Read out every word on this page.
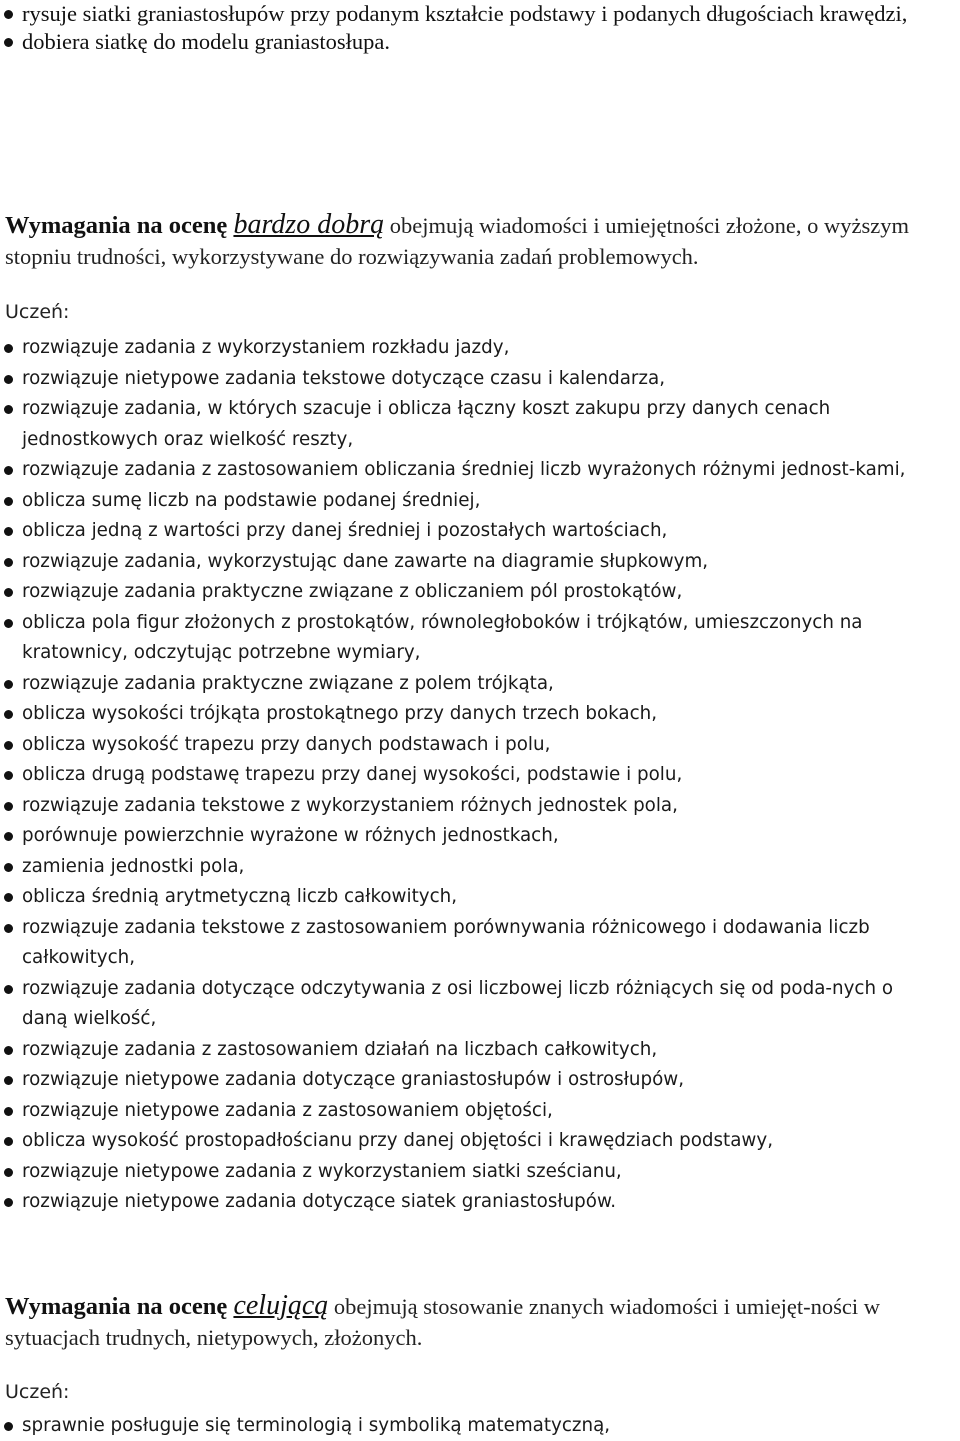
rysuje siatki graniastosłupów przy podanym kształcie podstawy i podanych długościach krawędzi,
dobiera siatkę do modelu graniastosłupa.

Wymagania na ocenę bardzo dobrą obejmują wiadomości i umiejętności złożone, o wyższym stopniu trudności, wykorzystywane do rozwiązywania zadań problemowych.

Uczeń:
rozwiązuje zadania z wykorzystaniem rozkładu jazdy,
rozwiązuje nietypowe zadania tekstowe dotyczące czasu i kalendarza,
rozwiązuje zadania, w których szacuje i oblicza łączny koszt zakupu przy danych cenach jednostkowych oraz wielkość reszty,
rozwiązuje zadania z zastosowaniem obliczania średniej liczb wyrażonych różnymi jednost-kami,
oblicza sumę liczb na podstawie podanej średniej,
oblicza jedną z wartości przy danej średniej i pozostałych wartościach,
rozwiązuje zadania, wykorzystując dane zawarte na diagramie słupkowym,
rozwiązuje zadania praktyczne związane z obliczaniem pól prostokątów,
oblicza pola figur złożonych z prostokątów, równoległoboków i trójkątów, umieszczonych na kratownicy, odczytując potrzebne wymiary,
rozwiązuje zadania praktyczne związane z polem trójkąta,
oblicza wysokości trójkąta prostokątnego przy danych trzech bokach,
oblicza wysokość trapezu przy danych podstawach i polu,
oblicza drugą podstawę trapezu przy danej wysokości, podstawie i polu,
rozwiązuje zadania tekstowe z wykorzystaniem różnych jednostek pola,
porównuje powierzchnie wyrażone w różnych jednostkach,
zamienia jednostki pola,
oblicza średnią arytmetyczną liczb całkowitych,
rozwiązuje zadania tekstowe z zastosowaniem porównywania różnicowego i dodawania liczb całkowitych,
rozwiązuje zadania dotyczące odczytywania z osi liczbowej liczb różniących się od poda-nych o daną wielkość,
rozwiązuje zadania z zastosowaniem działań na liczbach całkowitych,
rozwiązuje nietypowe zadania dotyczące graniastosłupów i ostrosłupów,
rozwiązuje nietypowe zadania z zastosowaniem objętości,
oblicza wysokość prostopadłościanu przy danej objętości i krawędziach podstawy,
rozwiązuje nietypowe zadania z wykorzystaniem siatki sześcianu,
rozwiązuje nietypowe zadania dotyczące siatek graniastosłupów.

Wymagania na ocenę celującą obejmują stosowanie znanych wiadomości i umiejęt-ności w sytuacjach trudnych, nietypowych, złożonych.

Uczeń:
sprawnie posługuje się terminologią i symboliką matematyczną,
